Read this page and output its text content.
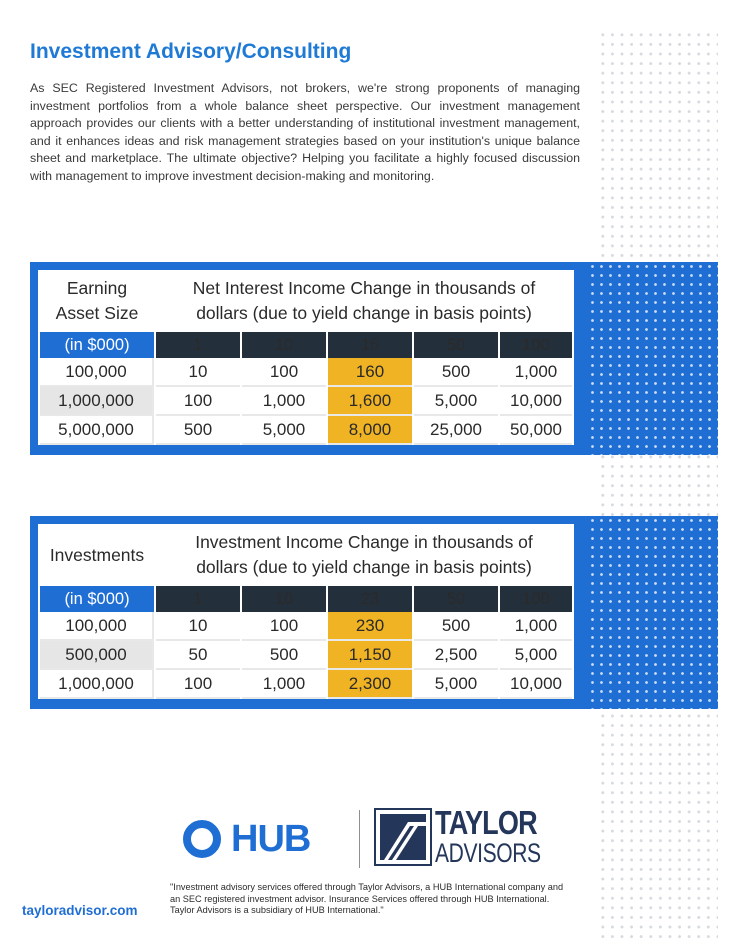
Investment Advisory/Consulting

As SEC Registered Investment Advisors, not brokers, we're strong proponents of managing investment portfolios from a whole balance sheet perspective. Our investment management approach provides our clients with a better understanding of institutional investment management, and it enhances ideas and risk management strategies based on your institution's unique balance sheet and marketplace. The ultimate objective? Helping you facilitate a highly focused discussion with management to improve investment decision-making and monitoring.

Earning
Asset Size	Net Interest Income Change in thousands of
dollars (due to yield change in basis points)				
(in $000)	1	10	16	50	100
100,000	10	100	160	500	1,000
1,000,000	100	1,000	1,600	5,000	10,000
5,000,000	500	5,000	8,000	25,000	50,000
Investments	Investment Income Change in thousands of
dollars (due to yield change in basis points)				
(in $000)	1	10	23	50	100
100,000	10	100	230	500	1,000
500,000	50	500	1,150	2,500	5,000
1,000,000	100	1,000	2,300	5,000	10,000
HUB	TAYLOR
ADVISORS
tayloradvisor.com

"Investment advisory services offered through Taylor Advisors, a HUB International company and an SEC registered investment advisor. Insurance Services offered through HUB International. Taylor Advisors is a subsidiary of HUB International."
